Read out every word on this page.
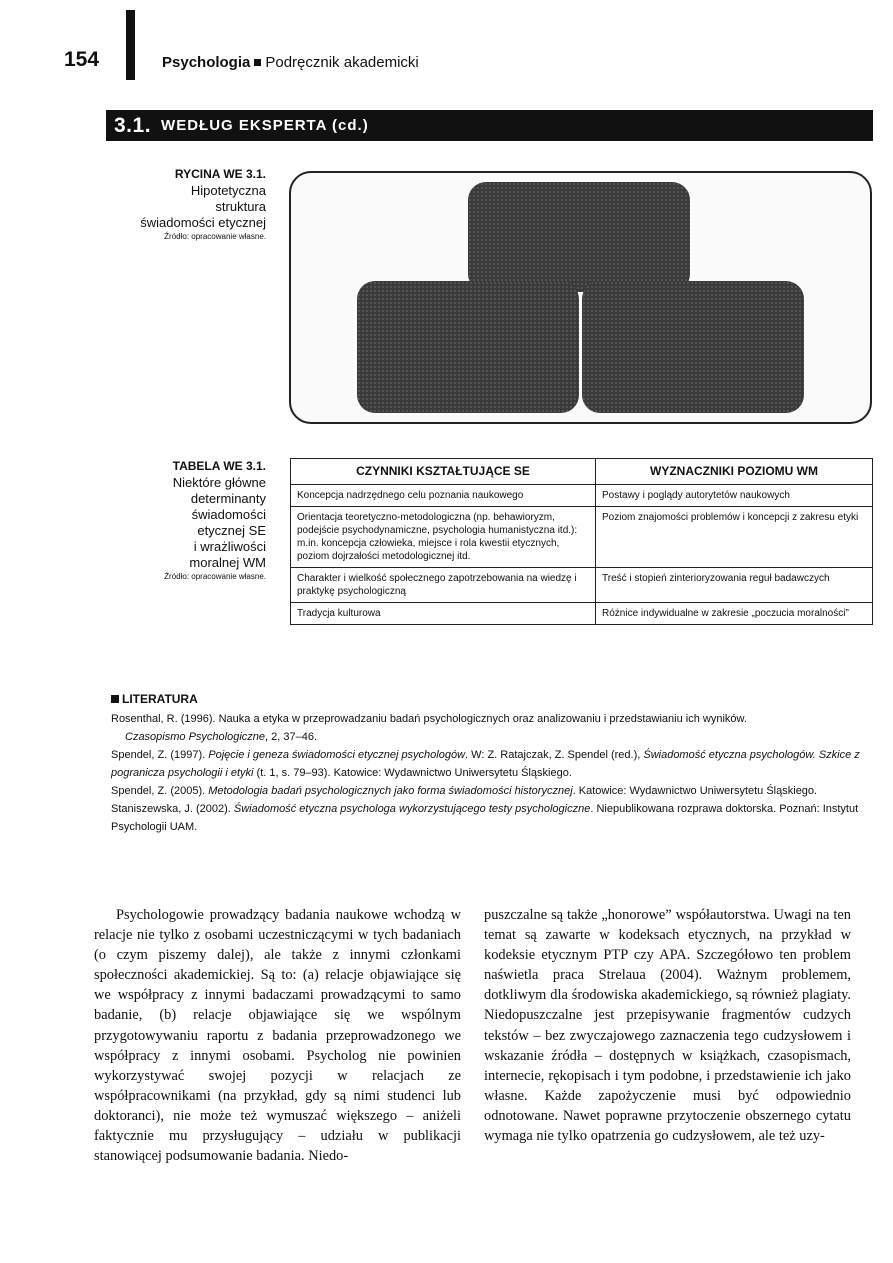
154	Psychologia Podręcznik akademicki
3.1. WEDŁUG EKSPERTA (cd.)
RYCINA WE 3.1.
Hipotetyczna
struktura
świadomości etycznej
Źródło: opracowanie własne.
TABELA WE 3.1.
Niektóre główne
determinanty
świadomości
etycznej SE
i wrażliwości
moralnej WM
Źródło: opracowanie własne.
CZYNNIKI KSZTAŁTUJĄCE SE	WYZNACZNIKI POZIOMU WM
Koncepcja nadrzędnego celu poznania naukowego	Postawy i poglądy autorytetów naukowych
Orientacja teoretyczno-metodologiczna (np. behawioryzm, podejście psychodynamiczne, psychologia humanistyczna itd.): m.in. koncepcja człowieka, miejsce i rola kwestii etycznych, poziom dojrzałości metodologicznej itd.	Poziom znajomości problemów i koncepcji z zakresu etyki
Charakter i wielkość społecznego zapotrzebowania na wiedzę i praktykę psychologiczną	Treść i stopień zinterioryzowania reguł badawczych
Tradycja kulturowa	Różnice indywidualne w zakresie „poczucia moralności”
LITERATURA
Rosenthal, R. (1996). Nauka a etyka w przeprowadzaniu badań psychologicznych oraz analizowaniu i przedstawianiu ich wyników.
Czasopismo Psychologiczne, 2, 37–46.
Spendel, Z. (1997). Pojęcie i geneza świadomości etycznej psychologów. W: Z. Ratajczak, Z. Spendel (red.), Świadomość etyczna psychologów. Szkice z pogranicza psychologii i etyki (t. 1, s. 79–93). Katowice: Wydawnictwo Uniwersytetu Śląskiego.
Spendel, Z. (2005). Metodologia badań psychologicznych jako forma świadomości historycznej. Katowice: Wydawnictwo Uniwersytetu Śląskiego.
Staniszewska, J. (2002). Świadomość etyczna psychologa wykorzystującego testy psychologiczne. Niepublikowana rozprawa doktorska. Poznań: Instytut Psychologii UAM.

Psychologowie prowadzący badania naukowe wchodzą w relacje nie tylko z osobami uczestniczącymi w tych badaniach (o czym piszemy dalej), ale także z innymi członkami społeczności akademickiej. Są to: (a) relacje objawiające się we współpracy z innymi badaczami prowadzącymi to samo badanie, (b) relacje objawiające się we wspólnym przygotowywaniu raportu z badania przeprowadzonego we współpracy z innymi osobami. Psycholog nie powinien wykorzystywać swojej pozycji w relacjach ze współpracownikami (na przykład, gdy są nimi studenci lub doktoranci), nie może też wymuszać większego – aniżeli faktycznie mu przysługujący – udziału w publikacji stanowiącej podsumowanie badania. Niedo-

puszczalne są także „honorowe” współautorstwa. Uwagi na ten temat są zawarte w kodeksach etycznych, na przykład w kodeksie etycznym PTP czy APA. Szczegółowo ten problem naświetla praca Strelaua (2004). Ważnym problemem, dotkliwym dla środowiska akademickiego, są również plagiaty. Niedopuszczalne jest przepisywanie fragmentów cudzych tekstów – bez zwyczajowego zaznaczenia tego cudzysłowem i wskazanie źródła – dostępnych w książkach, czasopismach, internecie, rękopisach i tym podobne, i przedstawienie ich jako własne. Każde zapożyczenie musi być odpowiednio odnotowane. Nawet poprawne przytoczenie obszernego cytatu wymaga nie tylko opatrzenia go cudzysłowem, ale też uzy-
